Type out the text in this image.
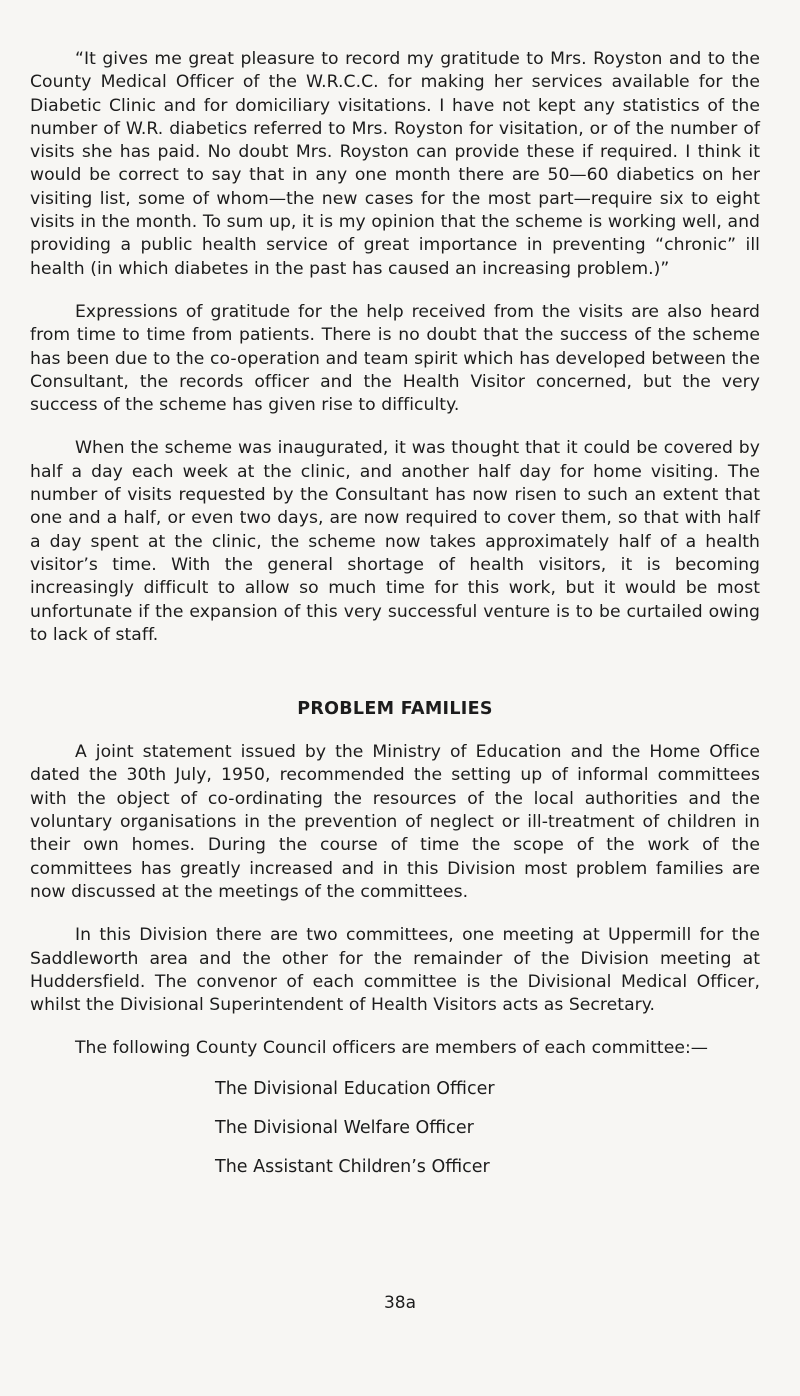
“It gives me great pleasure to record my gratitude to Mrs. Royston and to the County Medical Officer of the W.R.C.C. for making her services available for the Diabetic Clinic and for domiciliary visitations. I have not kept any statistics of the number of W.R. diabetics referred to Mrs. Royston for visitation, or of the number of visits she has paid. No doubt Mrs. Royston can provide these if required. I think it would be correct to say that in any one month there are 50—60 diabetics on her visiting list, some of whom—the new cases for the most part—require six to eight visits in the month. To sum up, it is my opinion that the scheme is working well, and providing a public health service of great importance in preventing “chronic” ill health (in which diabetes in the past has caused an increasing problem.)”

Expressions of gratitude for the help received from the visits are also heard from time to time from patients. There is no doubt that the success of the scheme has been due to the co-operation and team spirit which has developed between the Consultant, the records officer and the Health Visitor concerned, but the very success of the scheme has given rise to difficulty.

When the scheme was inaugurated, it was thought that it could be covered by half a day each week at the clinic, and another half day for home visiting. The number of visits requested by the Consultant has now risen to such an extent that one and a half, or even two days, are now required to cover them, so that with half a day spent at the clinic, the scheme now takes approximately half of a health visitor’s time. With the general shortage of health visitors, it is becoming increasingly difficult to allow so much time for this work, but it would be most unfortunate if the expansion of this very successful venture is to be curtailed owing to lack of staff.

PROBLEM FAMILIES

A joint statement issued by the Ministry of Education and the Home Office dated the 30th July, 1950, recommended the setting up of informal committees with the object of co-ordinating the resources of the local authorities and the voluntary organisations in the prevention of neglect or ill-treatment of children in their own homes. During the course of time the scope of the work of the committees has greatly increased and in this Division most problem families are now discussed at the meetings of the committees.

In this Division there are two committees, one meeting at Uppermill for the Saddleworth area and the other for the remainder of the Division meeting at Huddersfield. The convenor of each committee is the Divisional Medical Officer, whilst the Divisional Superintendent of Health Visitors acts as Secretary.

The following County Council officers are members of each committee:—

The Divisional Education Officer
The Divisional Welfare Officer
The Assistant Children’s Officer
38a
